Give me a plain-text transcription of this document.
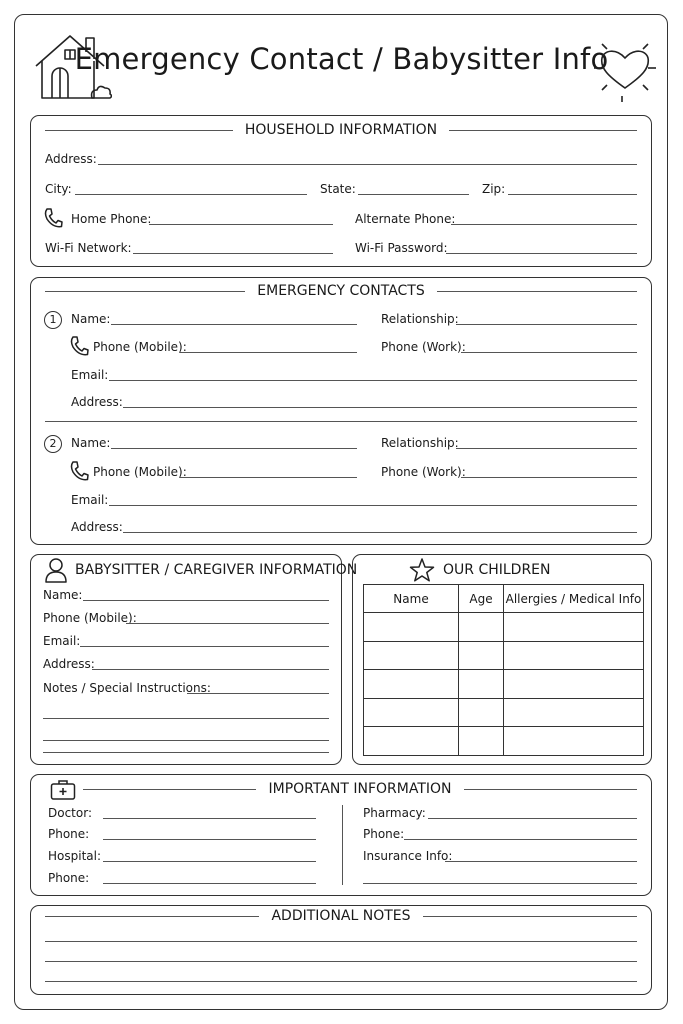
Emergency Contact / Babysitter Info
HOUSEHOLD INFORMATION
Address:
City:	State:	Zip:
Home Phone:	Alternate Phone:
Wi-Fi Network:	Wi-Fi Password:
EMERGENCY CONTACTS
1	Name:	Relationship:
Phone (Mobile):	Phone (Work):
Email:
Address:
2	Name:	Relationship:
Phone (Mobile):	Phone (Work):
Email:
Address:
BABYSITTER / CAREGIVER INFORMATION
Name:
Phone (Mobile):
Email:
Address:
Notes / Special Instructions:
OUR CHILDREN
Name	Age	Allergies / Medical Info

IMPORTANT INFORMATION
Doctor:
Phone:
Hospital:
Phone:
Pharmacy:
Phone:
Insurance Info:
ADDITIONAL NOTES
